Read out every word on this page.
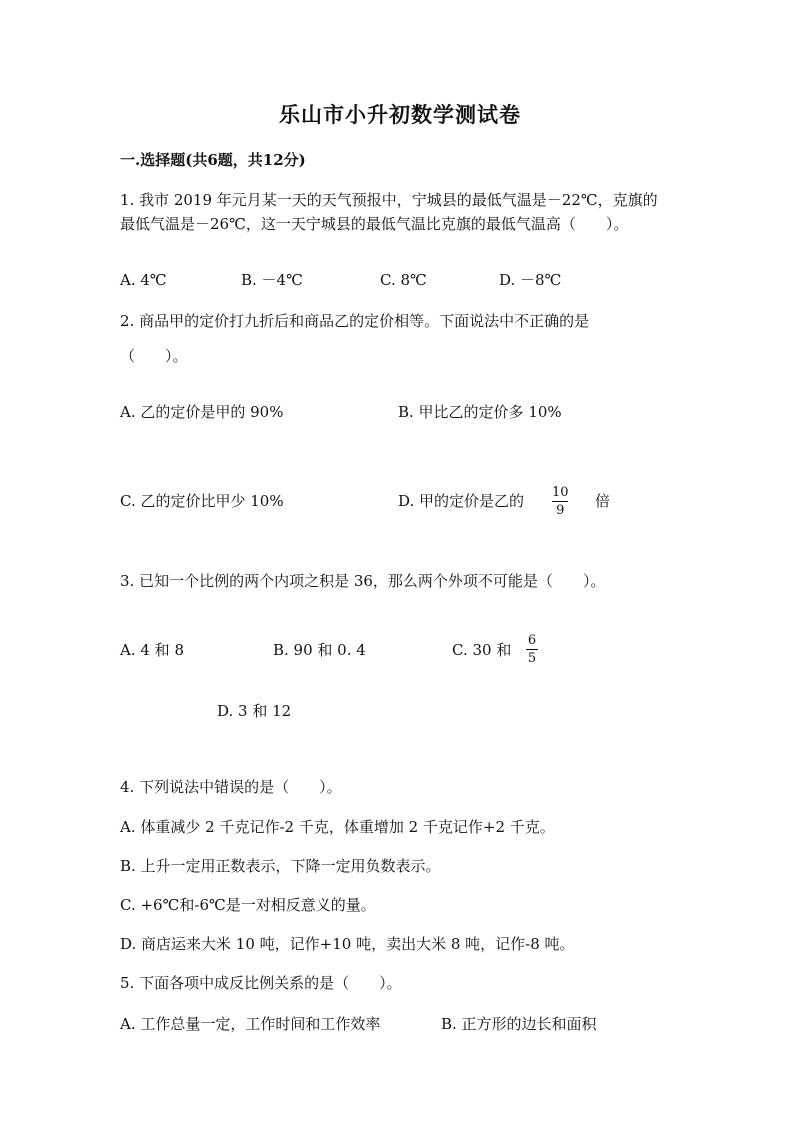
乐山市小升初数学测试卷
一.选择题(共6题，共12分)
1. 我市 2019 年元月某一天的天气预报中，宁城县的最低气温是－22℃，克旗的
最低气温是－26℃，这一天宁城县的最低气温比克旗的最低气温高（　　）。
A. 4℃	B. －4℃	C. 8℃	D. －8℃
2. 商品甲的定价打九折后和商品乙的定价相等。下面说法中不正确的是
（　　）。
A. 乙的定价是甲的 90%	B. 甲比乙的定价多 10%
C. 乙的定价比甲少 10%	D. 甲的定价是乙的 10
9
倍
3. 已知一个比例的两个内项之积是 36，那么两个外项不可能是（　　）。
A. 4 和 8	B. 90 和 0. 4	C. 30 和
6
5
D. 3 和 12
4. 下列说法中错误的是（　　）。
A. 体重减少 2 千克记作-2 千克，体重增加 2 千克记作+2 千克。
B. 上升一定用正数表示，下降一定用负数表示。
C. +6℃和-6℃是一对相反意义的量。
D. 商店运来大米 10 吨，记作+10 吨，卖出大米 8 吨，记作-8 吨。
5. 下面各项中成反比例关系的是（　　）。
A. 工作总量一定，工作时间和工作效率	B. 正方形的边长和面积
